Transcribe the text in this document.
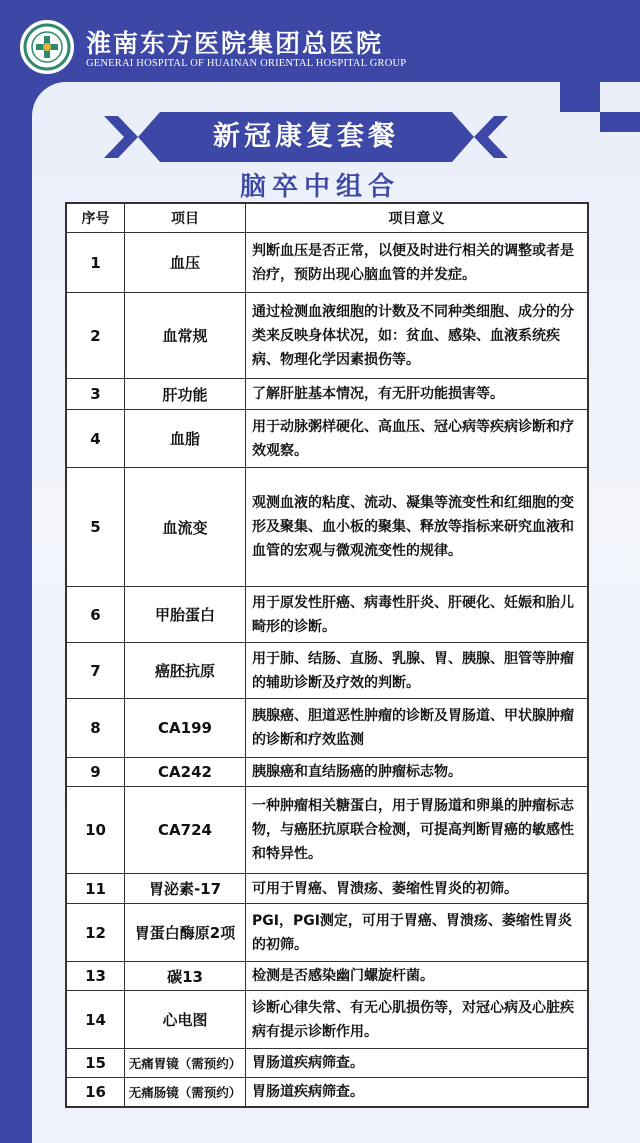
淮南东方医院集团总医院
GENERAI HOSPITAL OF HUAINAN ORIENTAL HOSPITAL GROUP
新冠康复套餐
脑卒中组合
序号	项目	项目意义
1	血压	判断血压是否正常，以便及时进行相关的调整或者是治疗，预防出现心脑血管的并发症。
2	血常规	通过检测血液细胞的计数及不同种类细胞、成分的分类来反映身体状况，如：贫血、感染、血液系统疾病、物理化学因素损伤等。
3	肝功能	了解肝脏基本情况，有无肝功能损害等。
4	血脂	用于动脉粥样硬化、高血压、冠心病等疾病诊断和疗效观察。
5	血流变	观测血液的粘度、流动、凝集等流变性和红细胞的变形及聚集、血小板的聚集、释放等指标来研究血液和血管的宏观与微观流变性的规律。
6	甲胎蛋白	用于原发性肝癌、病毒性肝炎、肝硬化、妊娠和胎儿畸形的诊断。
7	癌胚抗原	用于肺、结肠、直肠、乳腺、胃、胰腺、胆管等肿瘤的辅助诊断及疗效的判断。
8	CA199	胰腺癌、胆道恶性肿瘤的诊断及胃肠道、甲状腺肿瘤的诊断和疗效监测
9	CA242	胰腺癌和直结肠癌的肿瘤标志物。
10	CA724	一种肿瘤相关糖蛋白，用于胃肠道和卵巢的肿瘤标志物，与癌胚抗原联合检测，可提高判断胃癌的敏感性和特异性。
11	胃泌素-17	可用于胃癌、胃溃疡、萎缩性胃炎的初筛。
12	胃蛋白酶原2项	PGⅠ，PGⅠ测定，可用于胃癌、胃溃疡、萎缩性胃炎的初筛。
13	碳13	检测是否感染幽门螺旋杆菌。
14	心电图	诊断心律失常、有无心肌损伤等，对冠心病及心脏疾病有提示诊断作用。
15	无痛胃镜（需预约）	胃肠道疾病筛查。
16	无痛肠镜（需预约）	胃肠道疾病筛查。
